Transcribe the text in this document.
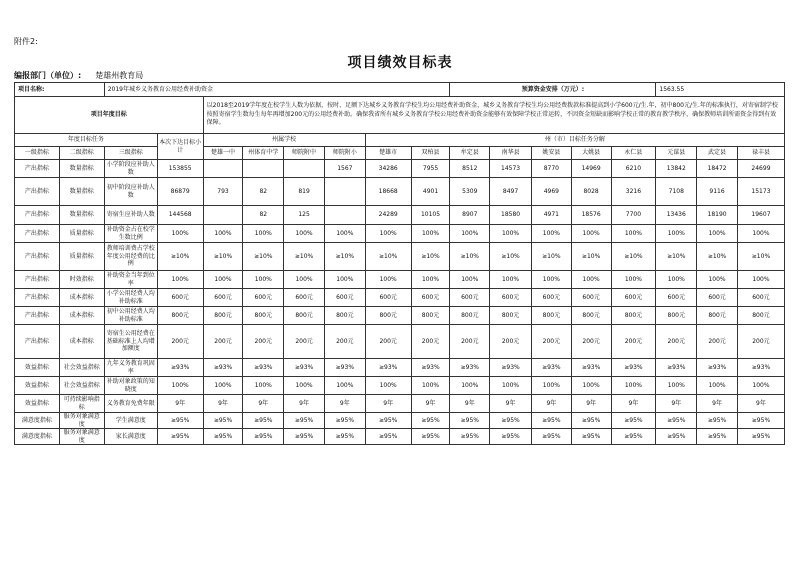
附件2:
项目绩效目标表
编报部门（单位）: 楚雄州教育局
项目名称:		2019年城乡义务教育公用经费补助资金								预算资金安排（万元）:					1563.55		
项目年度目标				以2018至2019学年度在校学生人数为依据，按时、足额下达城乡义务教育学校生均公用经费补助资金，城乡义务教育学校生均公用经费拨款标准提高到小学600元/生.年，初中800元/生.年的标准执行，对寄宿制学校按照寄宿学生数每生每年再增加200元的公用经费补助。确保我省所有城乡义务教育学校公用经费补助资金能够有效保障学校正常运转，不因资金短缺而影响学校正常的教育教学秩序，确保教师培训所需资金得到有效保障。													
年度目标任务			本次下达目标小计	州属学校				州（市）目标任务分解									
一级指标	二级指标	三级指标		楚雄一中	州体育中学	师院附中	师院附小	楚雄市	双柏县	牟定县	南华县	姚安县	大姚县	永仁县	元谋县	武定县	禄丰县
产出指标	数量指标	小学阶段应补助人数	153855				1567	34286	7955	8512	14573	8770	14969	6210	13842	18472	24699
产出指标	数量指标	初中阶段应补助人数	86879	793	82	819		18668	4901	5309	8497	4969	8028	3216	7108	9116	15173
产出指标	数量指标	寄宿生应补助人数	144568		82	125		24289	10105	8907	18580	4971	18576	7700	13436	18190	19607
产出指标	质量指标	补助资金占在校学生数比例	100%	100%	100%	100%	100%	100%	100%	100%	100%	100%	100%	100%	100%	100%	100%
产出指标	质量指标	教师培训费占学校年度公用经费的比例	≥10%	≥10%	≥10%	≥10%	≥10%	≥10%	≥10%	≥10%	≥10%	≥10%	≥10%	≥10%	≥10%	≥10%	≥10%
产出指标	时效指标	补助资金当年到位率	100%	100%	100%	100%	100%	100%	100%	100%	100%	100%	100%	100%	100%	100%	100%
产出指标	成本指标	小学公用经费人均补助标准	600元	600元	600元	600元	600元	600元	600元	600元	600元	600元	600元	600元	600元	600元	600元
产出指标	成本指标	初中公用经费人均补助标准	800元	800元	800元	800元	800元	800元	800元	800元	800元	800元	800元	800元	800元	800元	800元
产出指标	成本指标	寄宿生公用经费在基础标准上人均增加额度	200元	200元	200元	200元	200元	200元	200元	200元	200元	200元	200元	200元	200元	200元	200元
效益指标	社会效益指标	九年义务教育巩固率	≥93%	≥93%	≥93%	≥93%	≥93%	≥93%	≥93%	≥93%	≥93%	≥93%	≥93%	≥93%	≥93%	≥93%	≥93%
效益指标	社会效益指标	补助对象政策的知晓度	100%	100%	100%	100%	100%	100%	100%	100%	100%	100%	100%	100%	100%	100%	100%
效益指标	可持续影响指标	义务教育免费年限	9年	9年	9年	9年	9年	9年	9年	9年	9年	9年	9年	9年	9年	9年	9年
满意度指标	服务对象满意度	学生满意度	≥95%	≥95%	≥95%	≥95%	≥95%	≥95%	≥95%	≥95%	≥95%	≥95%	≥95%	≥95%	≥95%	≥95%	≥95%
满意度指标	服务对象满意度	家长满意度	≥95%	≥95%	≥95%	≥95%	≥95%	≥95%	≥95%	≥95%	≥95%	≥95%	≥95%	≥95%	≥95%	≥95%	≥95%
